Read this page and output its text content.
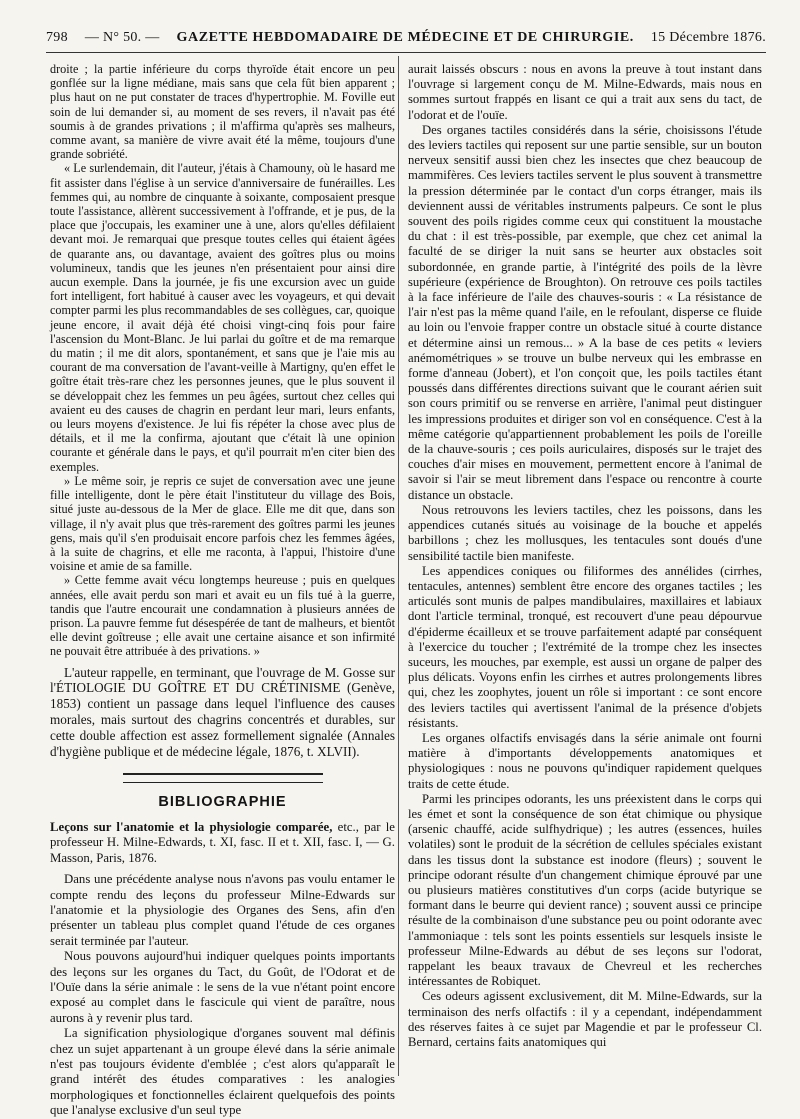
798 — N° 50. — GAZETTE HEBDOMADAIRE DE MÉDECINE ET DE CHIRURGIE. 15 Décembre 1876.

droite ; la partie inférieure du corps thyroïde était encore un peu gonflée sur la ligne médiane, mais sans que cela fût bien apparent ; plus haut on ne put constater de traces d'hypertrophie. M. Foville eut soin de lui demander si, au moment de ses revers, il n'avait pas été soumis à de grandes privations ; il m'affirma qu'après ses malheurs, comme avant, sa manière de vivre avait été la même, toujours d'une grande sobriété.

« Le surlendemain, dit l'auteur, j'étais à Chamouny, où le hasard me fit assister dans l'église à un service d'anniversaire de funérailles. Les femmes qui, au nombre de cinquante à soixante, composaient presque toute l'assistance, allèrent successivement à l'offrande, et je pus, de la place que j'occupais, les examiner une à une, alors qu'elles défilaient devant moi. Je remarquai que presque toutes celles qui étaient âgées de quarante ans, ou davantage, avaient des goîtres plus ou moins volumineux, tandis que les jeunes n'en présentaient pour ainsi dire aucun exemple. Dans la journée, je fis une excursion avec un guide fort intelligent, fort habitué à causer avec les voyageurs, et qui devait compter parmi les plus recommandables de ses collègues, car, quoique jeune encore, il avait déjà été choisi vingt-cinq fois pour faire l'ascension du Mont-Blanc. Je lui parlai du goître et de ma remarque du matin ; il me dit alors, spontanément, et sans que je l'aie mis au courant de ma conversation de l'avant-veille à Martigny, qu'en effet le goître était très-rare chez les personnes jeunes, que le plus souvent il se développait chez les femmes un peu âgées, surtout chez celles qui avaient eu des causes de chagrin en perdant leur mari, leurs enfants, ou leurs moyens d'existence. Je lui fis répéter la chose avec plus de détails, et il me la confirma, ajoutant que c'était là une opinion courante et générale dans le pays, et qu'il pourrait m'en citer bien des exemples.

» Le même soir, je repris ce sujet de conversation avec une jeune fille intelligente, dont le père était l'instituteur du village des Bois, situé juste au-dessous de la Mer de glace. Elle me dit que, dans son village, il n'y avait plus que très-rarement des goîtres parmi les jeunes gens, mais qu'il s'en produisait encore parfois chez les femmes âgées, à la suite de chagrins, et elle me raconta, à l'appui, l'histoire d'une voisine et amie de sa famille.

» Cette femme avait vécu longtemps heureuse ; puis en quelques années, elle avait perdu son mari et avait eu un fils tué à la guerre, tandis que l'autre encourait une condamnation à plusieurs années de prison. La pauvre femme fut désespérée de tant de malheurs, et bientôt elle devint goîtreuse ; elle avait une certaine aisance et son infirmité ne pouvait être attribuée à des privations. »

L'auteur rappelle, en terminant, que l'ouvrage de M. Gosse sur l'ÉTIOLOGIE DU GOÎTRE ET DU CRÉTINISME (Genève, 1853) contient un passage dans lequel l'influence des causes morales, mais surtout des chagrins concentrés et durables, sur cette double affection est assez formellement signalée (Annales d'hygiène publique et de médecine légale, 1876, t. XLVII).

BIBLIOGRAPHIE

Leçons sur l'anatomie et la physiologie comparée, etc., par le professeur H. Milne-Edwards, t. XI, fasc. II et t. XII, fasc. I, — G. Masson, Paris, 1876.

Dans une précédente analyse nous n'avons pas voulu entamer le compte rendu des leçons du professeur Milne-Edwards sur l'anatomie et la physiologie des Organes des Sens, afin d'en présenter un tableau plus complet quand l'étude de ces organes serait terminée par l'auteur.

Nous pouvons aujourd'hui indiquer quelques points importants des leçons sur les organes du Tact, du Goût, de l'Odorat et de l'Ouïe dans la série animale : le sens de la vue n'étant point encore exposé au complet dans le fascicule qui vient de paraître, nous aurons à y revenir plus tard.

La signification physiologique d'organes souvent mal définis chez un sujet appartenant à un groupe élevé dans la série animale n'est pas toujours évidente d'emblée ; c'est alors qu'apparaît le grand intérêt des études comparatives : les analogies morphologiques et fonctionnelles éclairent quelquefois des points que l'analyse exclusive d'un seul type

aurait laissés obscurs : nous en avons la preuve à tout instant dans l'ouvrage si largement conçu de M. Milne-Edwards, mais nous en sommes surtout frappés en lisant ce qui a trait aux sens du tact, de l'odorat et de l'ouïe.

Des organes tactiles considérés dans la série, choisissons l'étude des leviers tactiles qui reposent sur une partie sensible, sur un bouton nerveux sensitif aussi bien chez les insectes que chez beaucoup de mammifères. Ces leviers tactiles servent le plus souvent à transmettre la pression déterminée par le contact d'un corps étranger, mais ils deviennent aussi de véritables instruments palpeurs. Ce sont le plus souvent des poils rigides comme ceux qui constituent la moustache du chat : il est très-possible, par exemple, que chez cet animal la faculté de se diriger la nuit sans se heurter aux obstacles soit subordonnée, en grande partie, à l'intégrité des poils de la lèvre supérieure (expérience de Broughton). On retrouve ces poils tactiles à la face inférieure de l'aile des chauves-souris : « La résistance de l'air n'est pas la même quand l'aile, en le refoulant, disperse ce fluide au loin ou l'envoie frapper contre un obstacle situé à courte distance et détermine ainsi un remous... » A la base de ces petits « leviers anémométriques » se trouve un bulbe nerveux qui les embrasse en forme d'anneau (Jobert), et l'on conçoit que, les poils tactiles étant poussés dans différentes directions suivant que le courant aérien suit son cours primitif ou se renverse en arrière, l'animal peut distinguer les impressions produites et diriger son vol en conséquence. C'est à la même catégorie qu'appartiennent probablement les poils de l'oreille de la chauve-souris ; ces poils auriculaires, disposés sur le trajet des couches d'air mises en mouvement, permettent encore à l'animal de savoir si l'air se meut librement dans l'espace ou rencontre à courte distance un obstacle.

Nous retrouvons les leviers tactiles, chez les poissons, dans les appendices cutanés situés au voisinage de la bouche et appelés barbillons ; chez les mollusques, les tentacules sont doués d'une sensibilité tactile bien manifeste.

Les appendices coniques ou filiformes des annélides (cirrhes, tentacules, antennes) semblent être encore des organes tactiles ; les articulés sont munis de palpes mandibulaires, maxillaires et labiaux dont l'article terminal, tronqué, est recouvert d'une peau dépourvue d'épiderme écailleux et se trouve parfaitement adapté par conséquent à l'exercice du toucher ; l'extrémité de la trompe chez les insectes suceurs, les mouches, par exemple, est aussi un organe de palper des plus délicats. Voyons enfin les cirrhes et autres prolongements libres qui, chez les zoophytes, jouent un rôle si important : ce sont encore des leviers tactiles qui avertissent l'animal de la présence d'objets résistants.

Les organes olfactifs envisagés dans la série animale ont fourni matière à d'importants développements anatomiques et physiologiques : nous ne pouvons qu'indiquer rapidement quelques traits de cette étude.

Parmi les principes odorants, les uns préexistent dans le corps qui les émet et sont la conséquence de son état chimique ou physique (arsenic chauffé, acide sulfhydrique) ; les autres (essences, huiles volatiles) sont le produit de la sécrétion de cellules spéciales existant dans les tissus dont la substance est inodore (fleurs) ; souvent le principe odorant résulte d'un changement chimique éprouvé par une ou plusieurs matières constitutives d'un corps (acide butyrique se formant dans le beurre qui devient rance) ; souvent aussi ce principe résulte de la combinaison d'une substance peu ou point odorante avec l'ammoniaque : tels sont les points essentiels sur lesquels insiste le professeur Milne-Edwards au début de ses leçons sur l'odorat, rappelant les beaux travaux de Chevreul et les recherches intéressantes de Robiquet.

Ces odeurs agissent exclusivement, dit M. Milne-Edwards, sur la terminaison des nerfs olfactifs : il y a cependant, indépendamment des réserves faites à ce sujet par Magendie et par le professeur Cl. Bernard, certains faits anatomiques qui
